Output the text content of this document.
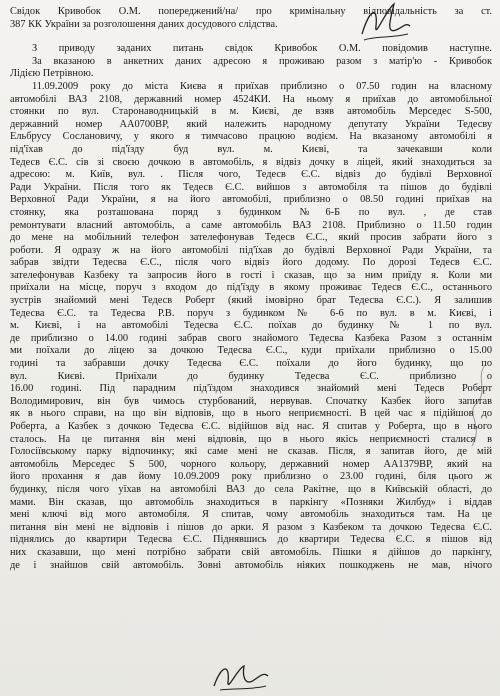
Свідок Кривобок О.М. попереджений/на/ про кримінальну відповідальність за ст.
387 КК України за розголошення даних досудового слідства.
З приводу заданих питань свідок Кривобок О.М. повідомив наступне.
За вказаною в анкетних даних адресою я проживаю разом з матір'ю - Кривобок
Лідією Петрівною.
11.09.2009 року до міста Києва я приїхав приблизно о 07.50 годин на власному
автомобілі ВАЗ 2108, державний номер 4524КИ. На ньому я приїхав до автомобільної
стоянки по вул. Старонаводницькій в м. Києві, де взяв автомобіль Мерседес S-500,
державний номер АА0700ВР, який належить народному депутату України Тедесву
Ельбрусу Сослановичу, у якого я тимчасово працюю водієм. На вказаному автомобілі я
під'їхав до під'їзду буд вул. м. Києві, та зачекавши коли
Тедесв Є.С. сів зі своєю дочкою в автомобіль, я відвіз дочку в ліцей, який знаходиться за
адресою: м. Київ, вул. . Після чого, Тедесв Є.С. відвіз до будівлі Верховної
Ради України. Після того як Тедесв Є.С. вийшов з автомобіля та пішов до будівлі
Верховної Ради України, я на його автомобілі, приблизно о 08.50 годині приїхав на
стоянку, яка розташована поряд з будинком №6-Б по вул. , де став
ремонтувати власний автомобіль, а саме автомобіль ВАЗ 2108. Приблизно о 11.50 годин
до мене на мобільний телефон зателефонував Тедесв Є.С., який просив забрати його з
роботи. Я одразу ж на його автомобілі під'їхав до будівлі Верховної Ради України, та
забрав звідти Тедесва Є.С., після чого відвіз його додому. По дорозі Тедесв Є.С.
зателефонував Казбеку та запросив його в гості і сказав, що за ним приїду я. Коли ми
приїхали на місце, поруч з входом до під'їзду в якому проживає Тедесв Є.С., останнього
зустрів знайомий мені Тедесв Роберт (який імовірно брат Тедесва Є.С.). Я залишив
Тедесва Є.С. та Тедесва Р.В. поруч з будинком № 6-6 по вул. в м. Києві, і
м. Києві, і на автомобілі Тедесва Є.С. поїхав до будинку № 1 по вул.
де приблизно о 14.00 годині забрав свого знайомого Тедесва Казбека Разом з останнім
ми поїхали до ліцею за дочкою Тедесва Є.С., куди приїхали приблизно о 15.00
годині та забравши дочку Тедесва Є.С. поїхали до його будинку, що по
вул. Києві. Приїхали до будинку Тедесва Є.С. приблизно о
16.00 годині. Під парадним під'їздом знаходився знайомий мені Тедесв Роберт
Володимирович, він був чимось стурбований, нервував. Спочатку Казбек його запитав
як в нього справи, на що він відповів, що в нього неприємності. В цей час я підійшов до
Роберта, а Казбек з дочкою Тедесва Є.С. відійшов від нас. Я спитав у Роберта, що в нього
сталось. На це питання він мені відповів, що в нього якісь неприємності сталися в
Голосіївському парку відпочинку; які саме мені не сказав. Після, я запитав його, де мій
автомобіль Мерседес S 500, чорного кольору, державний номер АА1379ВР, який на
його прохання я дав йому 10.09.2009 року приблизно о 23.00 годині, біля цього ж
будинку, після чого уїхав на автомобілі ВАЗ до села Ракітне, що в Київській області, до
мами. Він сказав, що автомобіль знаходиться в паркінгу «Позняки Жилбуд» і віддав
мені ключі від мого автомобіля. Я спитав, чому автомобіль знаходиться там. На це
питання він мені не відповів і пішов до арки. Я разом з Казбеком та дочкою Тедесва Є.С.
піднялись до квартири Тедесва Є.С. Піднявшись до квартири Тедесва Є.С. я пішов від
них сказавши, що мені потрібно забрати свій автомобіль. Пішки я дійшов до паркінгу,
де і знайшов свій автомобіль. Зовні автомобіль ніяких пошкоджень не мав, нічого
